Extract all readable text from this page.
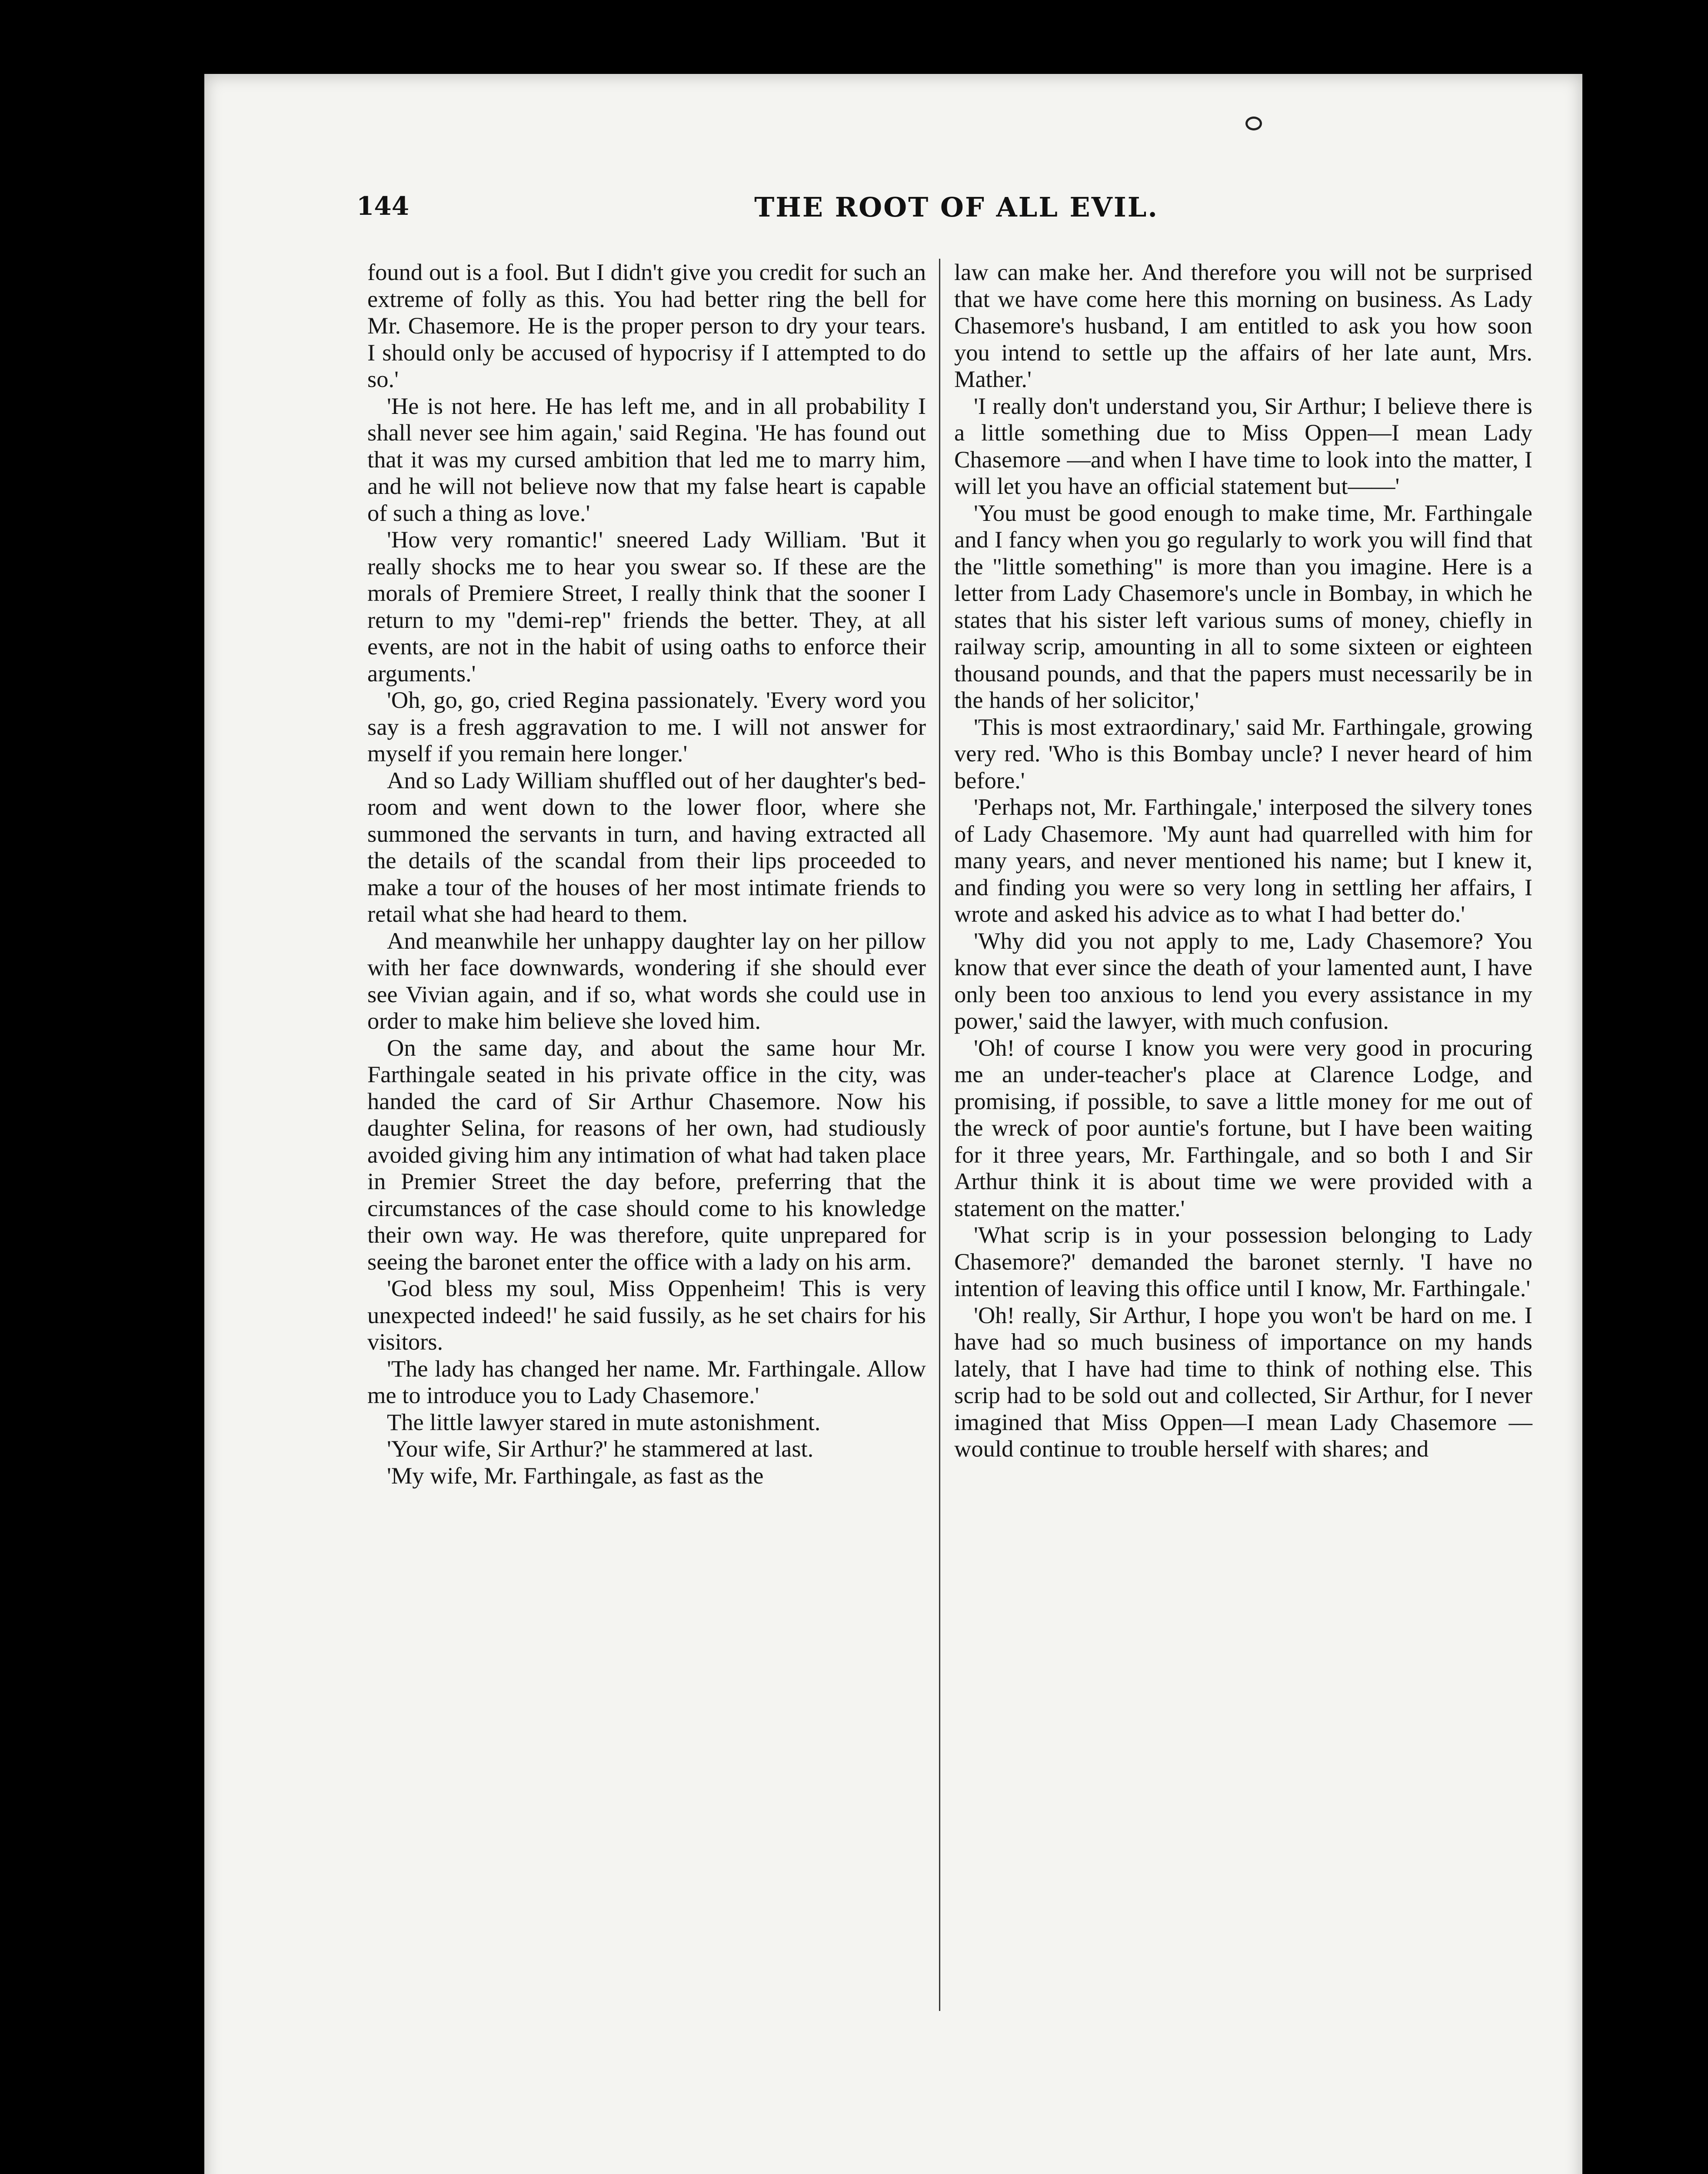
144	THE ROOT OF ALL EVIL.

found out is a fool. But I didn't give you credit for such an extreme of folly as this. You had better ring the bell for Mr. Chasemore. He is the proper person to dry your tears. I should only be accused of hypocrisy if I attempted to do so.'

'He is not here. He has left me, and in all probability I shall never see him again,' said Regina. 'He has found out that it was my cursed ambition that led me to marry him, and he will not believe now that my false heart is capable of such a thing as love.'

'How very romantic!' sneered Lady William. 'But it really shocks me to hear you swear so. If these are the morals of Premiere Street, I really think that the sooner I return to my "demi-rep" friends the better. They, at all events, are not in the habit of using oaths to enforce their arguments.'

'Oh, go, go, cried Regina passionately. 'Every word you say is a fresh aggravation to me. I will not answer for myself if you remain here longer.'

And so Lady William shuffled out of her daughter's bed-room and went down to the lower floor, where she summoned the servants in turn, and having extracted all the details of the scandal from their lips proceeded to make a tour of the houses of her most intimate friends to retail what she had heard to them.

And meanwhile her unhappy daughter lay on her pillow with her face downwards, wondering if she should ever see Vivian again, and if so, what words she could use in order to make him believe she loved him.

On the same day, and about the same hour Mr. Farthingale seated in his private office in the city, was handed the card of Sir Arthur Chasemore. Now his daughter Selina, for reasons of her own, had studiously avoided giving him any intimation of what had taken place in Premier Street the day before, preferring that the circumstances of the case should come to his knowledge their own way. He was therefore, quite unprepared for seeing the baronet enter the office with a lady on his arm.

'God bless my soul, Miss Oppenheim! This is very unexpected indeed!' he said fussily, as he set chairs for his visitors.

'The lady has changed her name. Mr. Farthingale. Allow me to introduce you to Lady Chasemore.'

The little lawyer stared in mute astonishment.

'Your wife, Sir Arthur?' he stammered at last.

'My wife, Mr. Farthingale, as fast as the

law can make her. And therefore you will not be surprised that we have come here this morning on business. As Lady Chasemore's husband, I am entitled to ask you how soon you intend to settle up the affairs of her late aunt, Mrs. Mather.'

'I really don't understand you, Sir Arthur; I believe there is a little something due to Miss Oppen—I mean Lady Chasemore —and when I have time to look into the matter, I will let you have an official statement but——'

'You must be good enough to make time, Mr. Farthingale and I fancy when you go regularly to work you will find that the "little something" is more than you imagine. Here is a letter from Lady Chasemore's uncle in Bombay, in which he states that his sister left various sums of money, chiefly in railway scrip, amounting in all to some sixteen or eighteen thousand pounds, and that the papers must necessarily be in the hands of her solicitor,'

'This is most extraordinary,' said Mr. Farthingale, growing very red. 'Who is this Bombay uncle? I never heard of him before.'

'Perhaps not, Mr. Farthingale,' interposed the silvery tones of Lady Chasemore. 'My aunt had quarrelled with him for many years, and never mentioned his name; but I knew it, and finding you were so very long in settling her affairs, I wrote and asked his advice as to what I had better do.'

'Why did you not apply to me, Lady Chasemore? You know that ever since the death of your lamented aunt, I have only been too anxious to lend you every assistance in my power,' said the lawyer, with much confusion.

'Oh! of course I know you were very good in procuring me an under-teacher's place at Clarence Lodge, and promising, if possible, to save a little money for me out of the wreck of poor auntie's fortune, but I have been waiting for it three years, Mr. Farthingale, and so both I and Sir Arthur think it is about time we were provided with a statement on the matter.'

'What scrip is in your possession belonging to Lady Chasemore?' demanded the baronet sternly. 'I have no intention of leaving this office until I know, Mr. Farthingale.'

'Oh! really, Sir Arthur, I hope you won't be hard on me. I have had so much business of importance on my hands lately, that I have had time to think of nothing else. This scrip had to be sold out and collected, Sir Arthur, for I never imagined that Miss Oppen—I mean Lady Chasemore — would continue to trouble herself with shares; and
